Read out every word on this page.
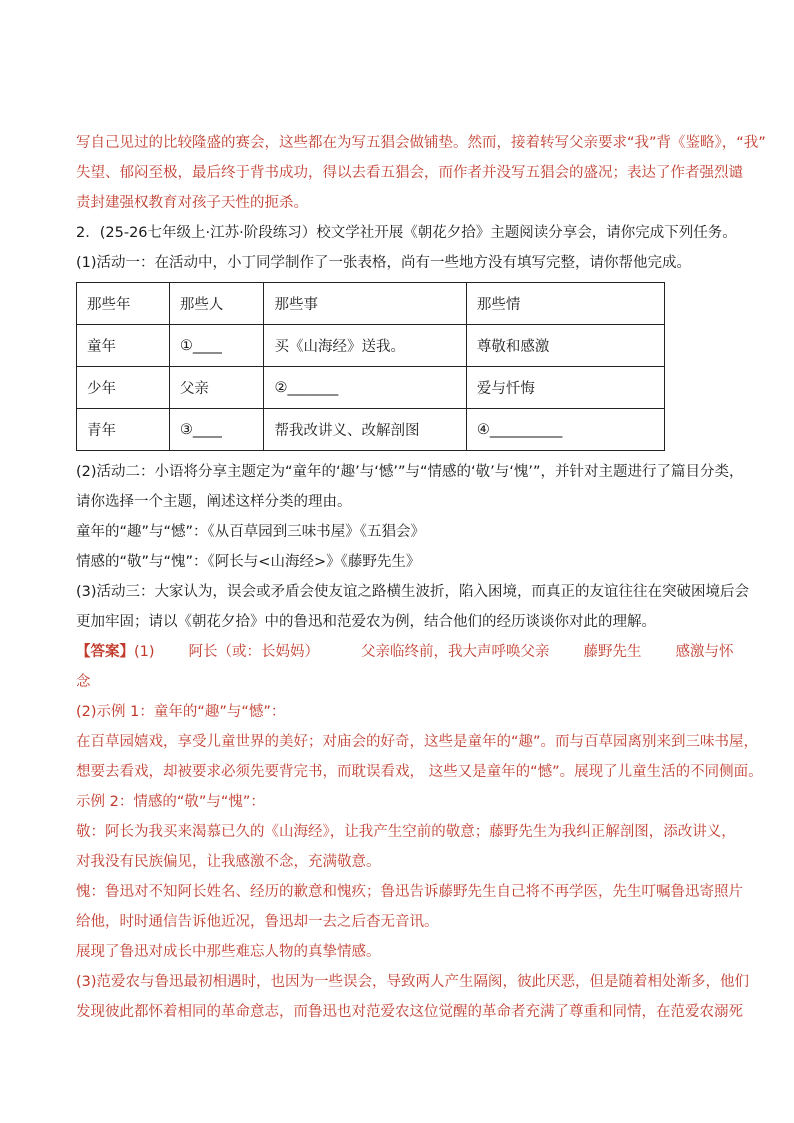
写自己见过的比较隆盛的赛会，这些都在为写五猖会做铺垫。然而，接着转写父亲要求“我”背《鉴略》，“我”

失望、郁闷至极，最后终于背书成功，得以去看五猖会，而作者并没写五猖会的盛况；表达了作者强烈谴

责封建强权教育对孩子天性的扼杀。

2．(25-26七年级上·江苏·阶段练习）校文学社开展《朝花夕拾》主题阅读分享会，请你完成下列任务。

(1)活动一：在活动中，小丁同学制作了一张表格，尚有一些地方没有填写完整，请你帮他完成。

那些年	那些人	那些事	那些情
童年	①____	买《山海经》送我。	尊敬和感激
少年	父亲	②_______	爱与忏悔
青年	③____	帮我改讲义、改解剖图	④__________

(2)活动二：小语将分享主题定为“童年的‘趣’与‘憾’”与“情感的‘敬’与‘愧’”，并针对主题进行了篇目分类，

请你选择一个主题，阐述这样分类的理由。

童年的“趣”与“憾”：《从百草园到三味书屋》《五猖会》

情感的“敬”与“愧”：《阿长与<山海经>》《藤野先生》

(3)活动三：大家认为，误会或矛盾会使友谊之路横生波折，陷入困境，而真正的友谊往往在突破困境后会

更加牢固；请以《朝花夕拾》中的鲁迅和范爱农为例，结合他们的经历谈谈你对此的理解。

【答案】(1) 阿长（或：长妈妈）	父亲临终前，我大声呼唤父亲 藤野先生 感激与怀

念

(2)示例 1：童年的“趣”与“憾”：

在百草园嬉戏，享受儿童世界的美好；对庙会的好奇，这些是童年的“趣”。而与百草园离别来到三味书屋，

想要去看戏，却被要求必须先要背完书，而耽误看戏， 这些又是童年的“憾”。展现了儿童生活的不同侧面。

示例 2：情感的“敬”与“愧”：

敬：阿长为我买来渴慕已久的《山海经》，让我产生空前的敬意；藤野先生为我纠正解剖图，添改讲义，

对我没有民族偏见，让我感激不念，充满敬意。

愧：鲁迅对不知阿长姓名、经历的歉意和愧疚；鲁迅告诉藤野先生自己将不再学医，先生叮嘱鲁迅寄照片

给他，时时通信告诉他近况，鲁迅却一去之后杳无音讯。

展现了鲁迅对成长中那些难忘人物的真挚情感。

(3)范爱农与鲁迅最初相遇时，也因为一些误会，导致两人产生隔阂，彼此厌恶，但是随着相处渐多，他们

发现彼此都怀着相同的革命意志，而鲁迅也对范爱农这位觉醒的革命者充满了尊重和同情，在范爱农溺死
